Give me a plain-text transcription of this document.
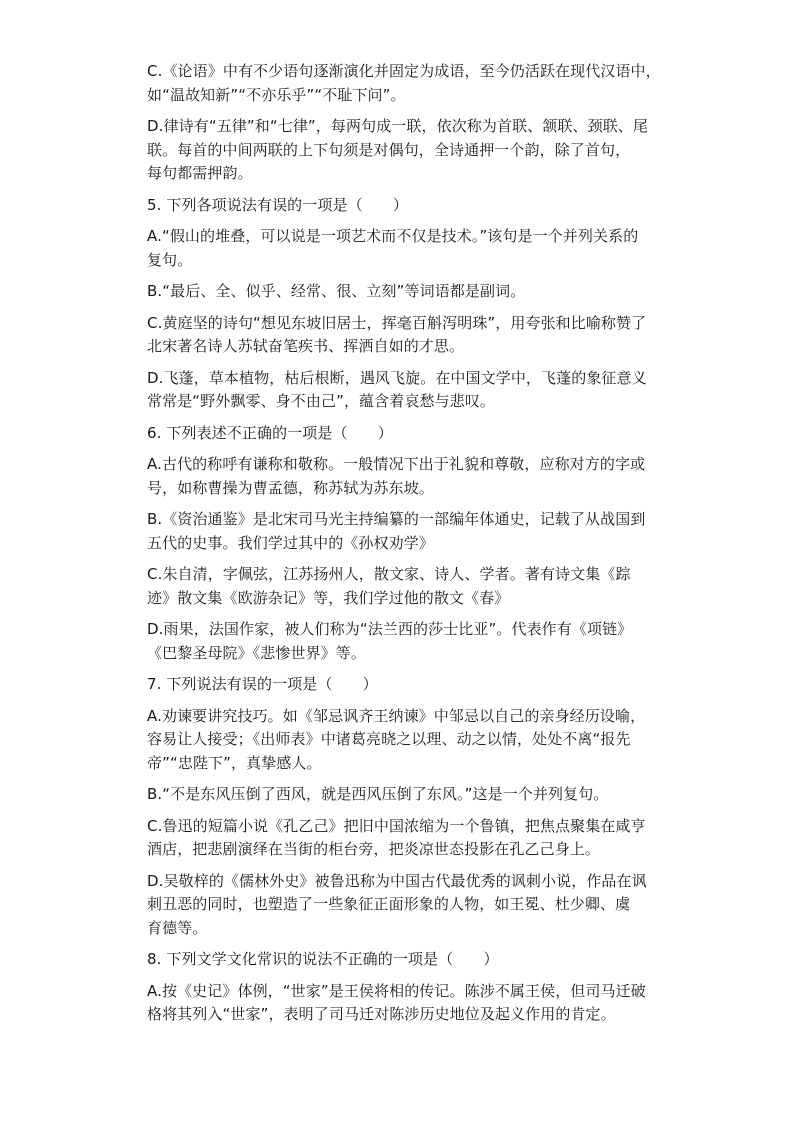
C.《论语》中有不少语句逐渐演化并固定为成语，至今仍活跃在现代汉语中，
如“温故知新”“不亦乐乎”“不耻下问”。
D.律诗有“五律”和“七律”，每两句成一联，依次称为首联、颔联、颈联、尾
联。每首的中间两联的上下句须是对偶句，全诗通押一个韵，除了首句，
每句都需押韵。
5. 下列各项说法有误的一项是（　　）
A.“假山的堆叠，可以说是一项艺术而不仅是技术。”该句是一个并列关系的
复句。
B.“最后、全、似乎、经常、很、立刻”等词语都是副词。
C.黄庭坚的诗句“想见东坡旧居士，挥毫百斛泻明珠”，用夸张和比喻称赞了
北宋著名诗人苏轼奋笔疾书、挥洒自如的才思。
D.飞蓬，草本植物，枯后根断，遇风飞旋。在中国文学中，飞蓬的象征意义
常常是“野外飘零、身不由己”，蕴含着哀愁与悲叹。
6. 下列表述不正确的一项是（　　）
A.古代的称呼有谦称和敬称。一般情况下出于礼貌和尊敬，应称对方的字或
号，如称曹操为曹孟德，称苏轼为苏东坡。
B.《资治通鉴》是北宋司马光主持编纂的一部编年体通史，记载了从战国到
五代的史事。我们学过其中的《孙权劝学》
C.朱自清，字佩弦，江苏扬州人，散文家、诗人、学者。著有诗文集《踪
迹》散文集《欧游杂记》等，我们学过他的散文《春》
D.雨果，法国作家，被人们称为“法兰西的莎士比亚”。代表作有《项链》
《巴黎圣母院》《悲惨世界》等。
7. 下列说法有误的一项是（　　）
A.劝谏要讲究技巧。如《邹忌讽齐王纳谏》中邹忌以自己的亲身经历设喻，
容易让人接受；《出师表》中诸葛亮晓之以理、动之以情，处处不离“报先
帝”“忠陛下”，真挚感人。
B.“不是东风压倒了西风，就是西风压倒了东风。”这是一个并列复句。
C.鲁迅的短篇小说《孔乙己》把旧中国浓缩为一个鲁镇，把焦点聚集在咸亨
酒店，把悲剧演绎在当街的柜台旁，把炎凉世态投影在孔乙己身上。
D.吴敬梓的《儒林外史》被鲁迅称为中国古代最优秀的讽刺小说，作品在讽
刺丑恶的同时，也塑造了一些象征正面形象的人物，如王冕、杜少卿、虞
育德等。
8. 下列文学文化常识的说法不正确的一项是（　　）
A.按《史记》体例，“世家”是王侯将相的传记。陈涉不属王侯，但司马迁破
格将其列入“世家”，表明了司马迁对陈涉历史地位及起义作用的肯定。
